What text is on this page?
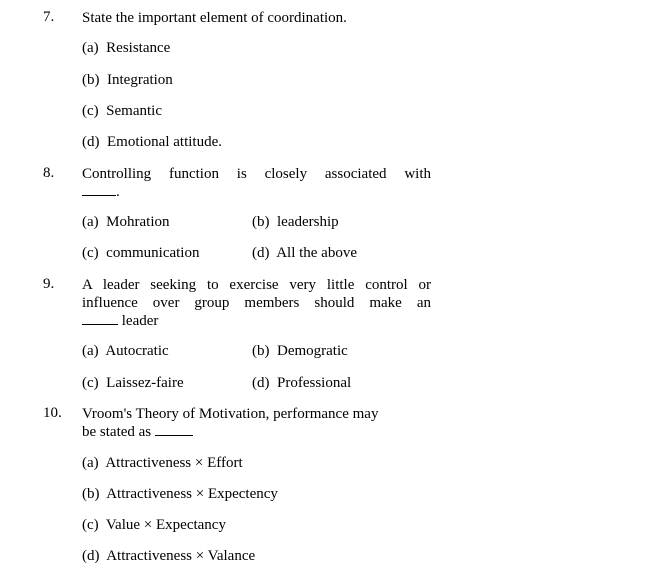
7. State the important element of coordination.
(a) Resistance
(b) Integration
(c) Semantic
(d) Emotional attitude.
8. Controlling function is closely associated with
.
(a) Mohration	(b) leadership
(c) communication	(d) All the above
9. A leader seeking to exercise very little control or
influence over group members should make an
leader
(a) Autocratic	(b) Demogratic
(c) Laissez-faire	(d) Professional
10. Vroom's Theory of Motivation, performance may
be stated as
(a) Attractiveness × Effort
(b) Attractiveness × Expectency
(c) Value × Expectancy
(d) Attractiveness × Valance
